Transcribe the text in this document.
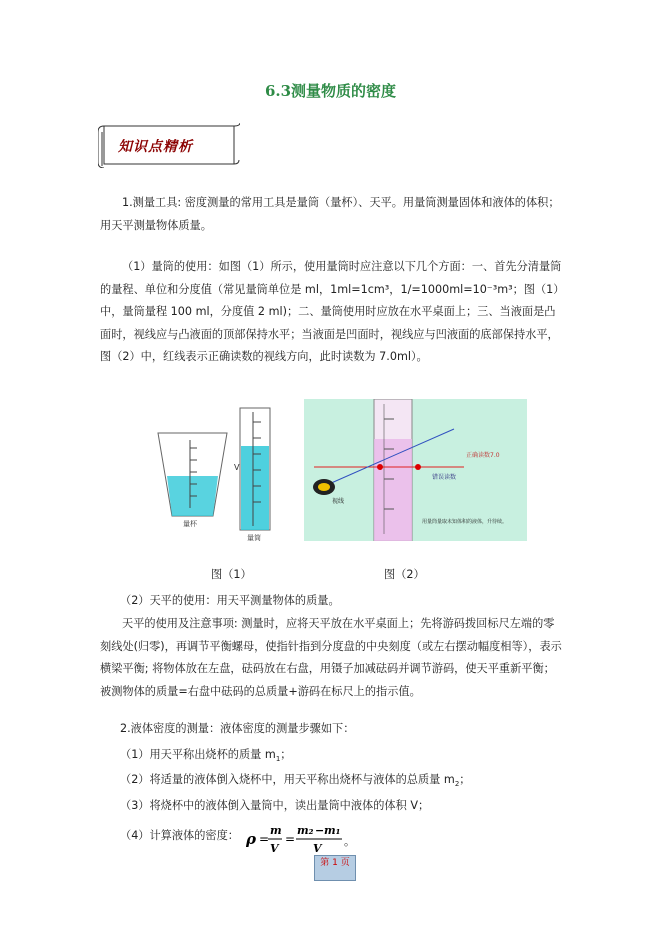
6.3测量物质的密度
知识点精析

1.测量工具: 密度测量的常用工具是量筒（量杯）、天平。用量筒测量固体和液体的体积；用天平测量物体质量。

（1）量筒的使用：如图（1）所示，使用量筒时应注意以下几个方面：一、首先分清量筒的量程、单位和分度值（常见量筒单位是 ml，1ml=1cm³，1/=1000ml=10⁻³m³；图（1）中，量筒量程 100 ml，分度值 2 ml)；二、量筒使用时应放在水平桌面上；三、当液面是凸面时，视线应与凸液面的顶部保持水平；当液面是凹面时，视线应与凹液面的底部保持水平，图（2）中，红线表示正确读数的视线方向，此时读数为 7.0ml）。

量杯
V
量筒
正确读数7.0
错误读数
视线
用量筒量取未知体积的液体，升待续。
图（1）	图（2）
（2）天平的使用：用天平测量物体的质量。

天平的使用及注意事项: 测量时，应将天平放在水平桌面上；先将游码拨回标尺左端的零刻线处(归零)，再调节平衡螺母，使指针指到分度盘的中央刻度（或左右摆动幅度相等），表示横梁平衡; 将物体放在左盘，砝码放在右盘，用镊子加减砝码并调节游码，使天平重新平衡；被测物体的质量=右盘中砝码的总质量+游码在标尺上的指示值。

2.液体密度的测量：液体密度的测量步骤如下：
（1）用天平称出烧杯的质量 $m_1$；
（2）将适量的液体倒入烧杯中，用天平称出烧杯与液体的总质量 $m_2$；
（3）将烧杯中的液体倒入量筒中，读出量筒中液体的体积 V；
（4）计算液体的密度： ρ =
m
V
=
m₂ − m₁
V
。
第 1 页
